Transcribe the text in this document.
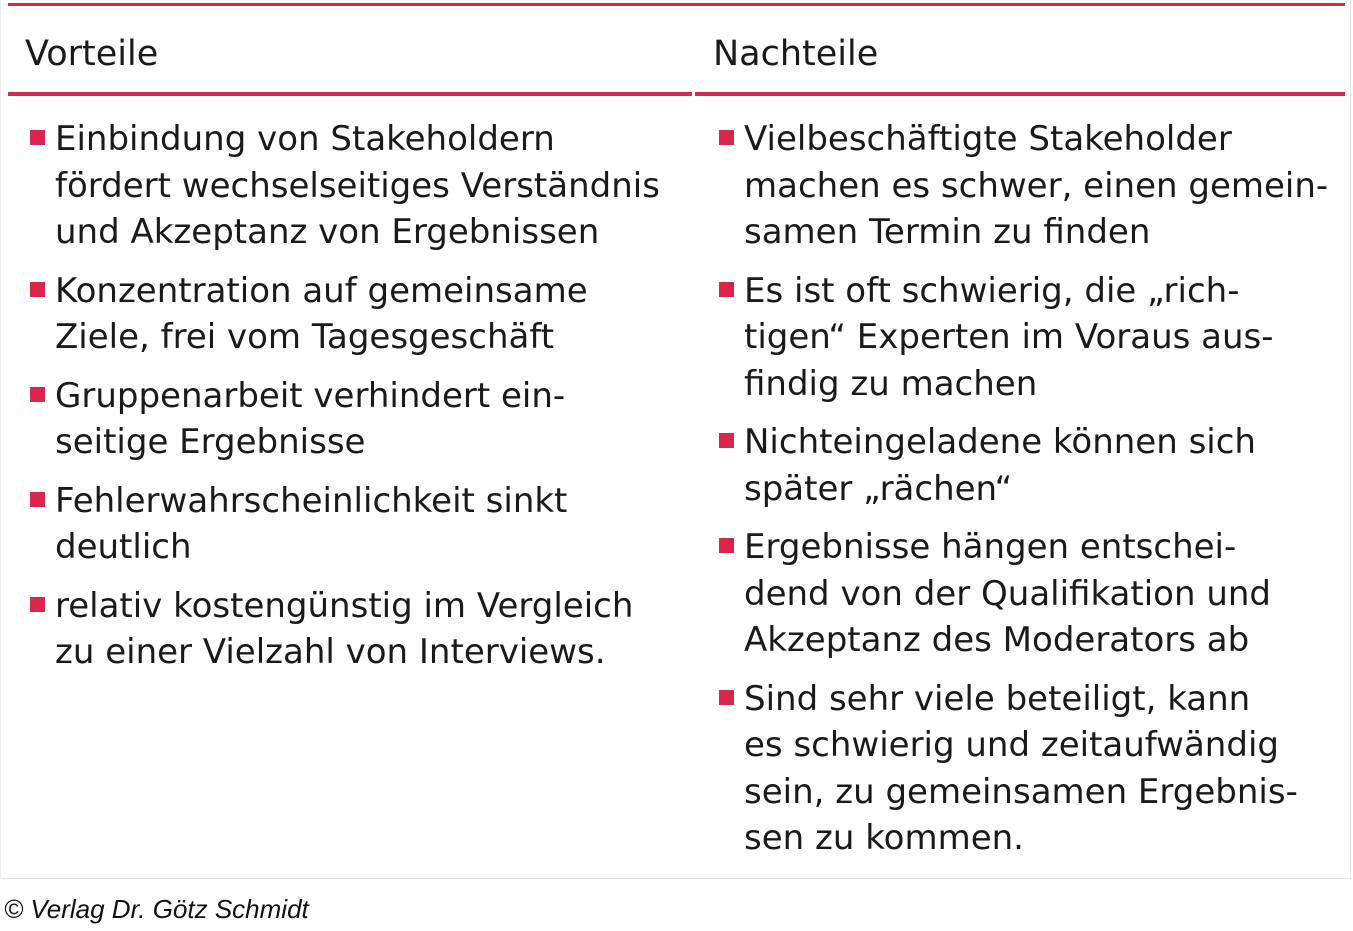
Vorteile	Nachteile
Einbindung von Stakeholdern
fördert wechselseitiges Verständnis
und Akzeptanz von Ergebnissen
Konzentration auf gemeinsame
Ziele, frei vom Tagesgeschäft
Gruppenarbeit verhindert ein-
seitige Ergebnisse
Fehlerwahrscheinlichkeit sinkt
deutlich
relativ kostengünstig im Vergleich
zu einer Vielzahl von Interviews.
Vielbeschäftigte Stakeholder
machen es schwer, einen gemein-
samen Termin zu finden
Es ist oft schwierig, die „rich-
tigen“ Experten im Voraus aus-
findig zu machen
Nichteingeladene können sich
später „rächen“
Ergebnisse hängen entschei-
dend von der Qualifikation und
Akzeptanz des Moderators ab
Sind sehr viele beteiligt, kann
es schwierig und zeitaufwändig
sein, zu gemeinsamen Ergebnis-
sen zu kommen.
© Verlag Dr. Götz Schmidt
